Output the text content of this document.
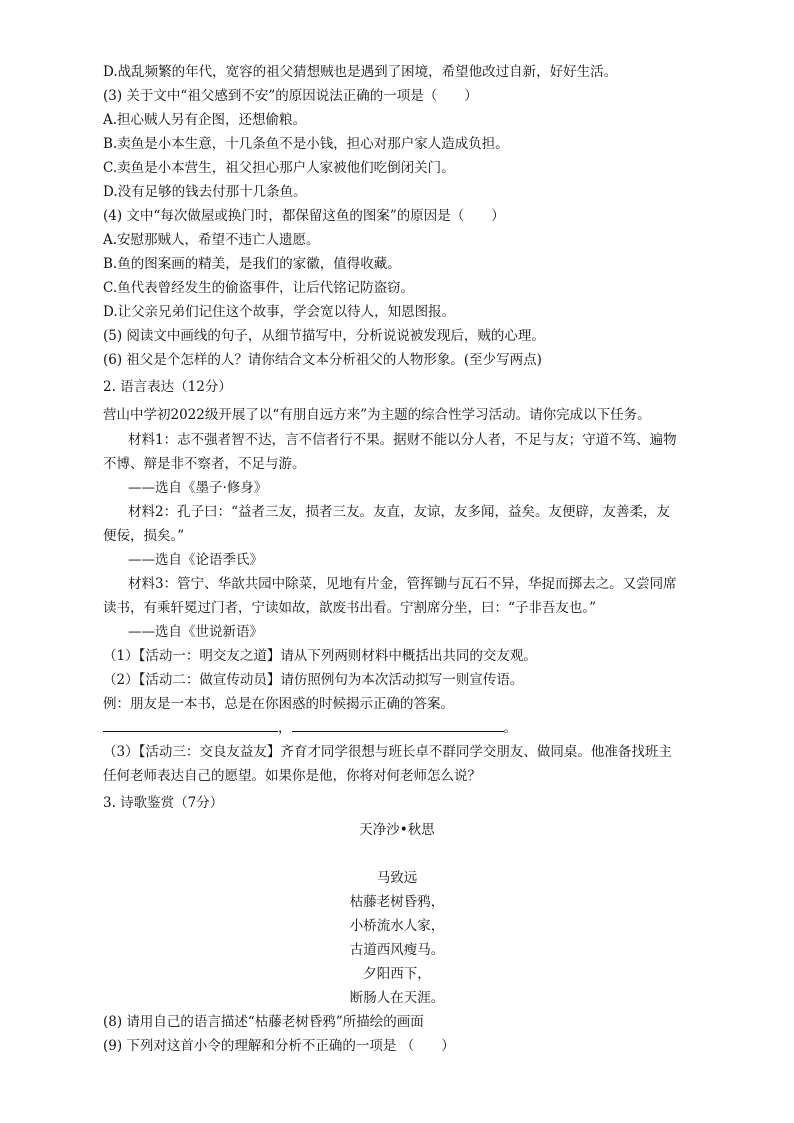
D.战乱频繁的年代，宽容的祖父猜想贼也是遇到了困境，希望他改过自新，好好生活。
(3) 关于文中“祖父感到不安”的原因说法正确的一项是（　　）
A.担心贼人另有企图，还想偷粮。
B.卖鱼是小本生意，十几条鱼不是小钱，担心对那户家人造成负担。
C.卖鱼是小本营生，祖父担心那户人家被他们吃倒闭关门。
D.没有足够的钱去付那十几条鱼。
(4) 文中“每次做屋或换门时，都保留这鱼的图案”的原因是（　　）
A.安慰那贼人，希望不违亡人遗愿。
B.鱼的图案画的精美，是我们的家徽，值得收藏。
C.鱼代表曾经发生的偷盗事件，让后代铭记防盗窃。
D.让父亲兄弟们记住这个故事，学会宽以待人，知恩图报。
(5) 阅读文中画线的句子，从细节描写中，分析说说被发现后，贼的心理。
(6) 祖父是个怎样的人？请你结合文本分析祖父的人物形象。(至少写两点)
2. 语言表达（12分）
营山中学初2022级开展了以“有朋自远方来”为主题的综合性学习活动。请你完成以下任务。
材料1：志不强者智不达，言不信者行不果。据财不能以分人者，不足与友；守道不笃、遍物
不博、辩是非不察者，不足与游。
——选自《墨子·修身》
材料2：孔子曰：“益者三友，损者三友。友直，友谅，友多闻，益矣。友便辟，友善柔，友
便佞，损矣。”
——选自《论语季氏》
材料3：管宁、华歆共园中除菜，见地有片金，管挥锄与瓦石不异，华捉而掷去之。又尝同席
读书，有乘轩冕过门者，宁读如故，歆废书出看。宁割席分坐，曰：“子非吾友也。”
——选自《世说新语》
（1）【活动一：明交友之道】请从下列两则材料中概括出共同的交友观。
（2）【活动二：做宣传动员】请仿照例句为本次活动拟写一则宣传语。
例：朋友是一本书，总是在你困惑的时候揭示正确的答案。
，	。
（3）【活动三：交良友益友】齐育才同学很想与班长卓不群同学交朋友、做同桌。他准备找班主
任何老师表达自己的愿望。如果你是他，你将对何老师怎么说？
3. 诗歌鉴赏（7分）
天净沙•秋思
马致远
枯藤老树昏鸦，
小桥流水人家，
古道西风瘦马。
夕阳西下，
断肠人在天涯。
(8) 请用自己的语言描述“枯藤老树昏鸦”所描绘的画面
(9) 下列对这首小令的理解和分析不正确的一项是 （　　）
